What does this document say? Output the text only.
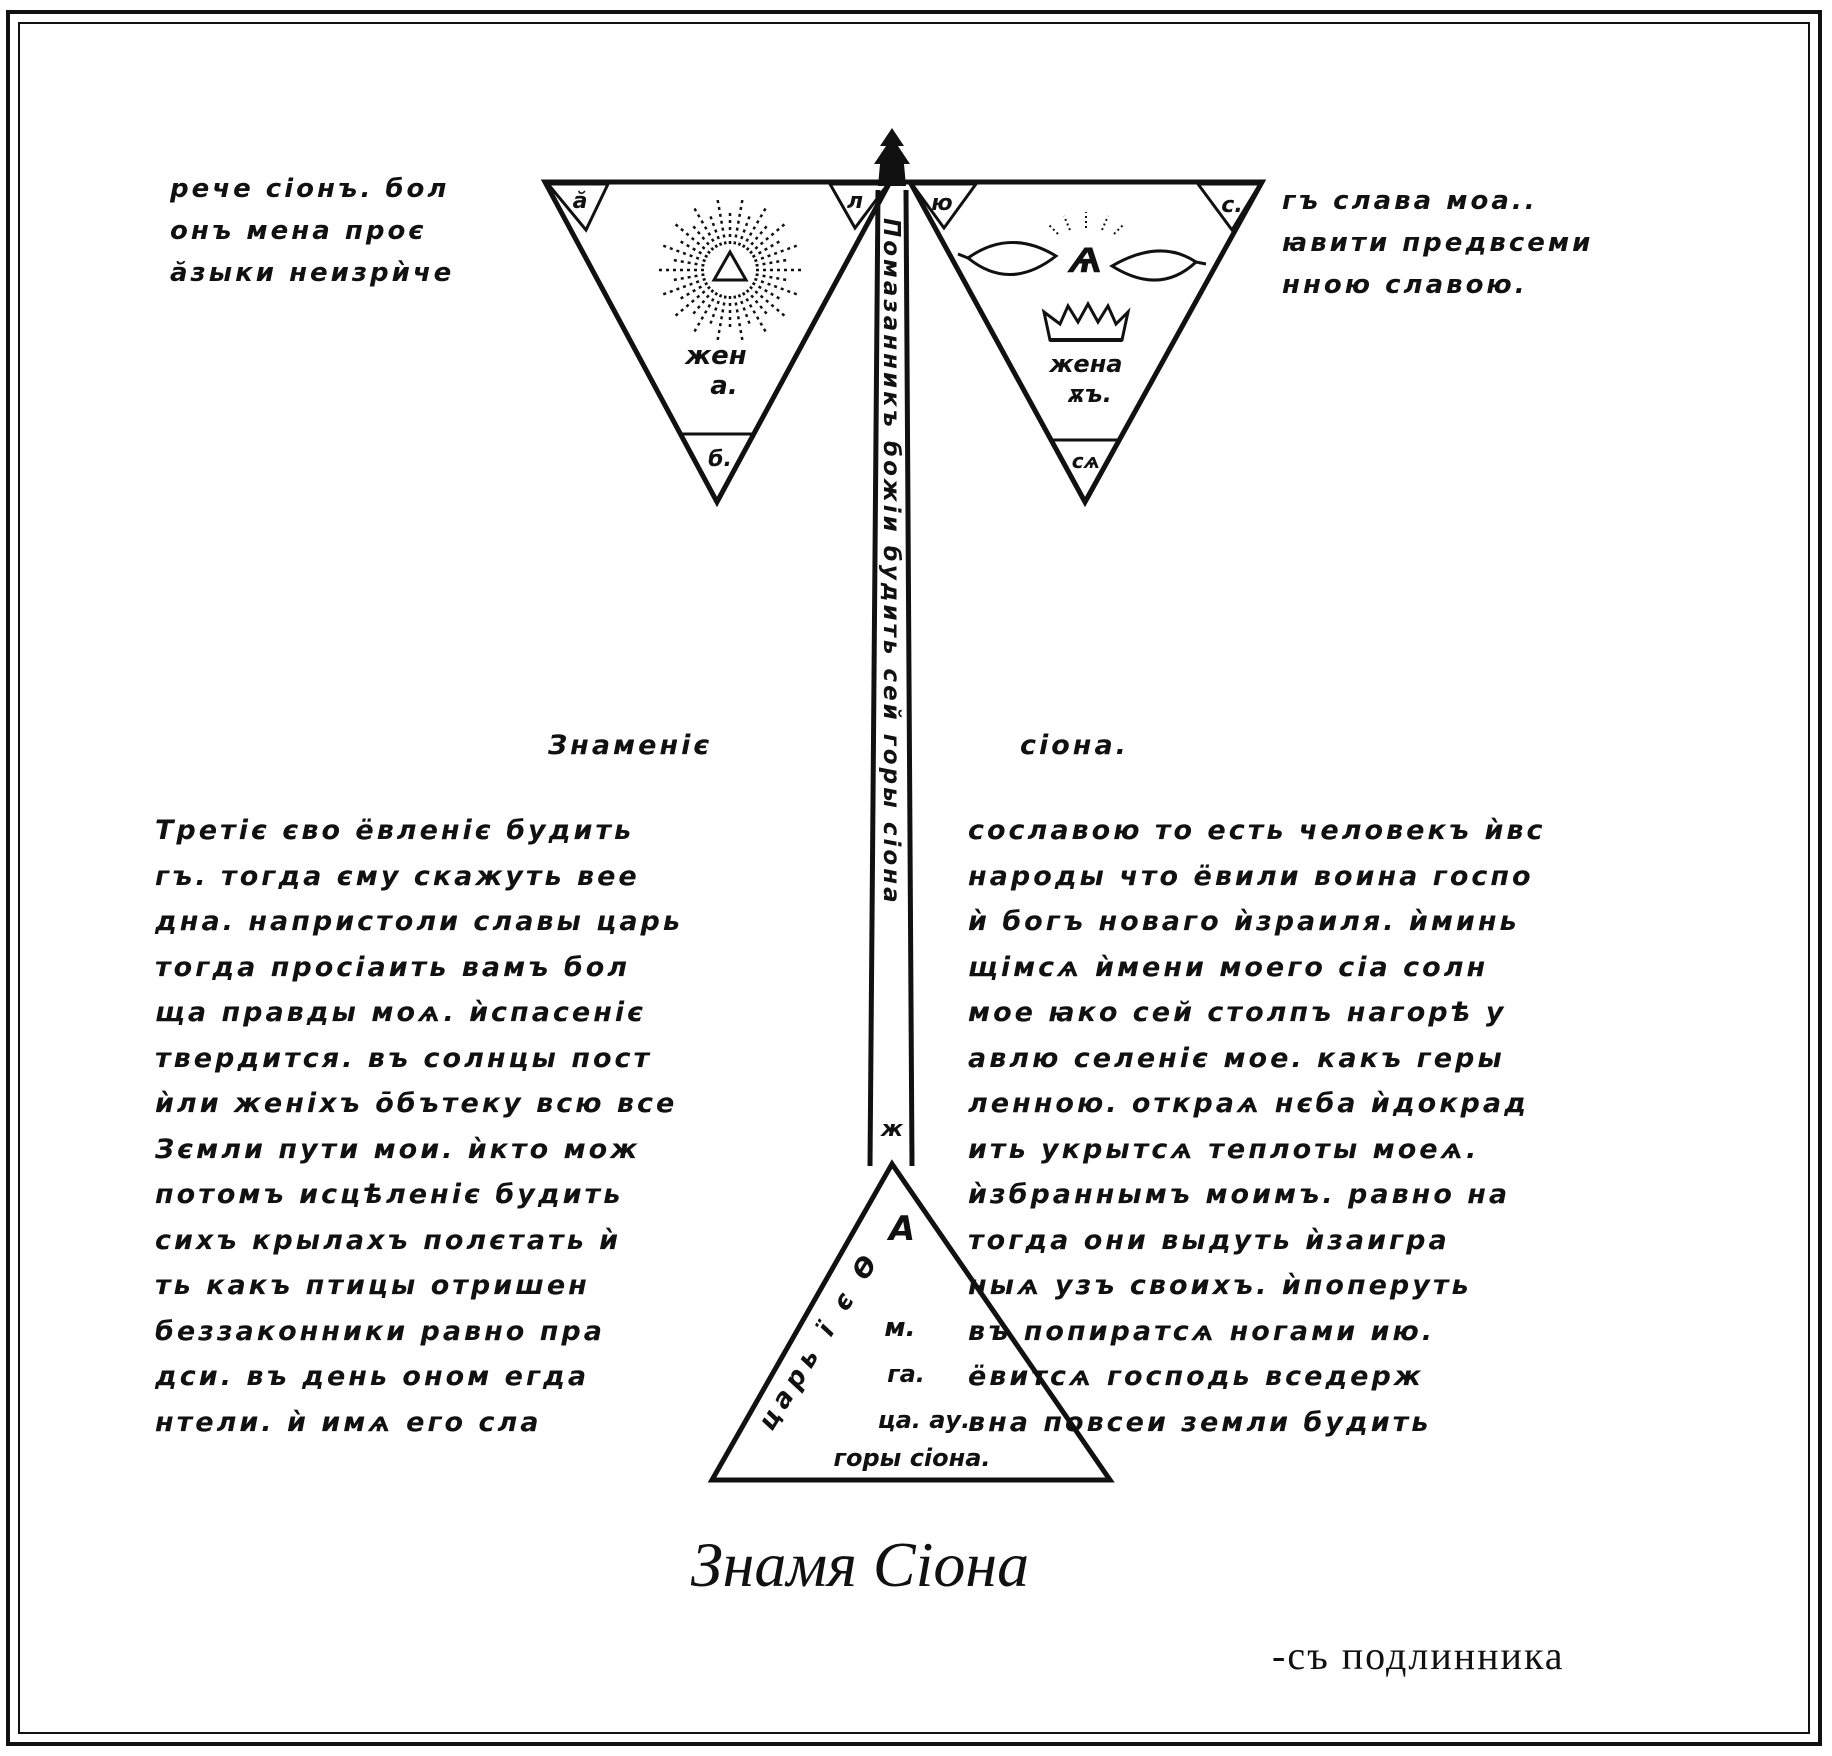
А
ӑ	л
б.
жен
а.
ю	с.
сѧ
Ѧ
жена
ѫъ.
Помазанникъ божiи будить сей горы сiона
ж
А
царь ї є Ѳ
м.
га.
ца. ау.
горы сiона.
рече сiонъ. бол
онъ мена проє
ӑзыки неизрѝче
гъ слава моа..
ꙗвити предвсеми
нною славою.
Знаменiє	сiона.
Третiє єво ёвленiє будить
гъ. тогда єму скажуть вее
дна. напристоли славы царь
тогда просiаить вамъ бол
ща правды моѧ. ѝспасенiє
твердится. въ солнцы пост
ѝли женiхъ ōбътеку всю все
Зємли пути мои. ѝкто мож
потомъ исцѣленiє будить
сихъ крылахъ полєтать ѝ
ть какъ птицы отришен
беззаконники равно пра
дси. въ день оном егда
нтели. ѝ имѧ его сла
сославою то есть человекъ ѝвс
народы что ёвили воина госпо
ѝ богъ новаго ѝзраиля. ѝминь
щiмсѧ ѝмени моего сiа солн
мое ꙗко сей столпъ нагорѣ у
авлю селенiє мое. какъ геры
ленною. откраѧ нєба ѝдокрад
ить укрытсѧ теплоты моеѧ.
ѝзбраннымъ моимъ. равно на
тогда они выдуть ѝзаигра
ныѧ узъ своихъ. ѝпоперуть
въ попиратсѧ ногами ию.
ёвитсѧ господь вседерж
вна повсеи земли будить
Знамя Сiона
-съ подлинника
